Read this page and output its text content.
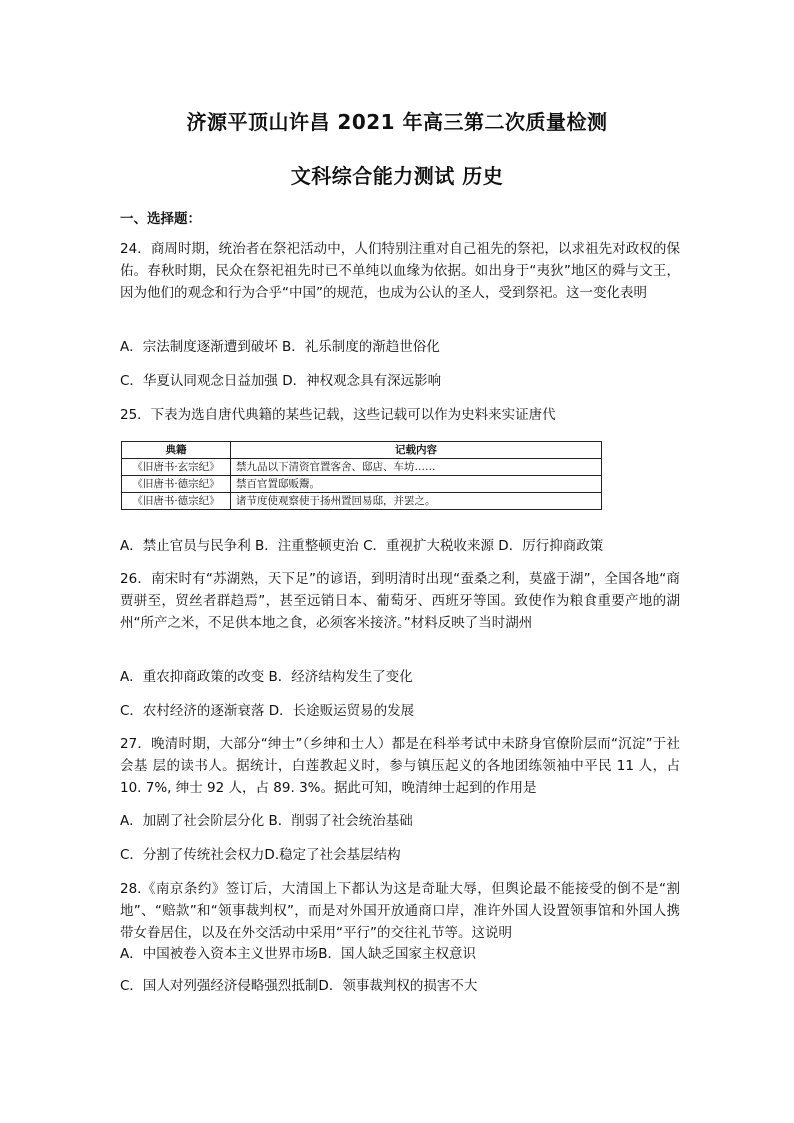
济源平顶山许昌 2021 年高三第二次质量检测
文科综合能力测试 历史
一、选择题：
24．商周时期，统治者在祭祀活动中，人们特别注重对自己祖先的祭祀，以求祖先对政权的保佑。春秋时期，民众在祭祀祖先时已不单纯以血缘为依据。如出身于“夷狄”地区的舜与文王，因为他们的观念和行为合乎“中国”的规范，也成为公认的圣人，受到祭祀。这一变化表明
A．宗法制度逐渐遭到破坏 B．礼乐制度的渐趋世俗化
C．华夏认同观念日益加强 D．神权观念具有深远影响
25．下表为选自唐代典籍的某些记载，这些记载可以作为史料来实证唐代
典籍	记载内容
《旧唐书·玄宗纪》	禁九品以下清资官置客舍、邸店、车坊……
《旧唐书·德宗纪》	禁百官置邸贩鬻。
《旧唐书·德宗纪》	诸节度使观察使于扬州置回易邸，并罢之。
A．禁止官员与民争利 B．注重整顿吏治 C．重视扩大税收来源 D．厉行抑商政策
26．南宋时有“苏湖熟，天下足”的谚语，到明清时出现“蚕桑之利，莫盛于湖”，全国各地“商贾骈至，贸丝者群趋焉”，甚至远销日本、葡萄牙、西班牙等国。致使作为粮食重要产地的湖州“所产之米，不足供本地之食，必须客米接济。”材料反映了当时湖州
A．重农抑商政策的改变 B．经济结构发生了变化
C．农村经济的逐渐衰落 D．长途贩运贸易的发展
27．晚清时期，大部分“绅士”（乡绅和士人）都是在科举考试中未跻身官僚阶层而“沉淀”于社会基 层的读书人。据统计，白莲教起义时，参与镇压起义的各地团练领袖中平民 11 人，占 10. 7%, 绅士 92 人，占 89. 3%。据此可知，晚清绅士起到的作用是
A．加剧了社会阶层分化 B．削弱了社会统治基础
C．分割了传统社会权力D.稳定了社会基层结构
28.《南京条约》签订后，大清国上下都认为这是奇耻大辱，但舆论最不能接受的倒不是“割地”、“赔款”和“领事裁判权”，而是对外国开放通商口岸，准许外国人设置领事馆和外国人携带女眷居住，以及在外交活动中采用“平行”的交往礼节等。这说明
A．中国被卷入资本主义世界市场B．国人缺乏国家主权意识
C．国人对列强经济侵略强烈抵制D．领事裁判权的损害不大
